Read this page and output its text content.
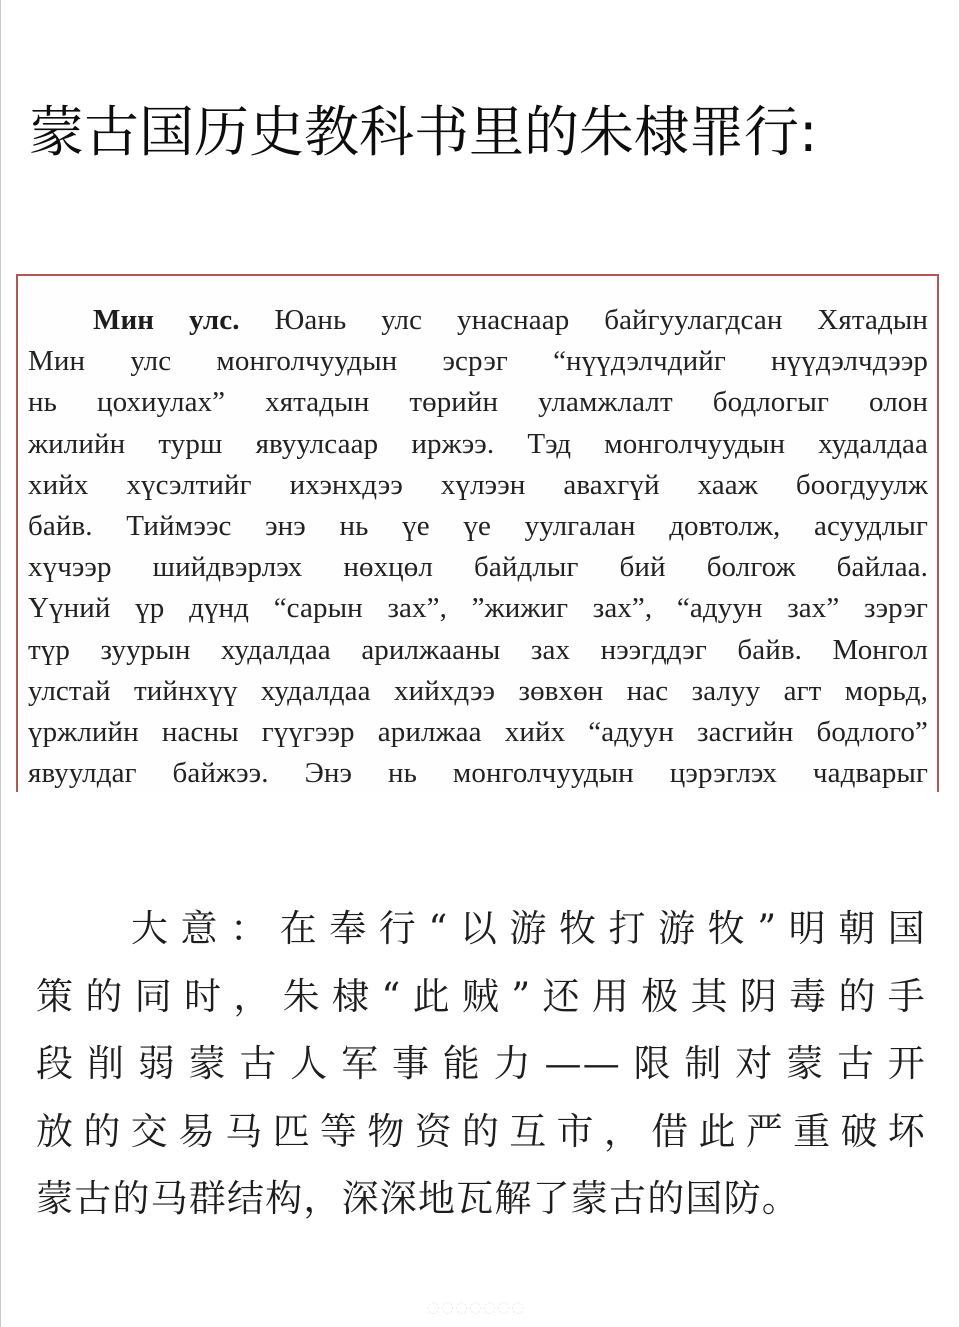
蒙古国历史教科书里的朱棣罪行:
Мин улс. Юань улс унаснаар байгуулагдсан Хятадын
Мин улс монголчуудын эсрэг “нүүдэлчдийг нүүдэлчдээр
нь цохиулах” хятадын төрийн уламжлалт бодлогыг олон
жилийн турш явуулсаар иржээ. Тэд монголчуудын худалдаа
хийх хүсэлтийг ихэнхдээ хүлээн авахгүй хааж боогдуулж
байв. Тиймээс энэ нь үе үе уулгалан довтолж, асуудлыг
хүчээр шийдвэрлэх нөхцөл байдлыг бий болгож байлаа.
Үүний үр дүнд “сарын зах”, ”жижиг зах”, “адуун зах” зэрэг
түр зуурын худалдаа арилжааны зах нээгддэг байв. Монгол
улстай тийнхүү худалдаа хийхдээ зөвхөн нас залуу агт морьд,
үржлийн насны гүүгээр арилжаа хийх “адуун засгийн бодлого”
явуулдаг байжээ. Энэ нь монголчуудын цэрэглэх чадварыг
大意：在奉行“以游牧打游牧”明朝国
策的同时，朱棣“此贼”还用极其阴毒的手
段削弱蒙古人军事能力——限制对蒙古开
放的交易马匹等物资的互市，借此严重破坏
蒙古的马群结构，深深地瓦解了蒙古的国防。
◌◌◌◌◌◌◌
